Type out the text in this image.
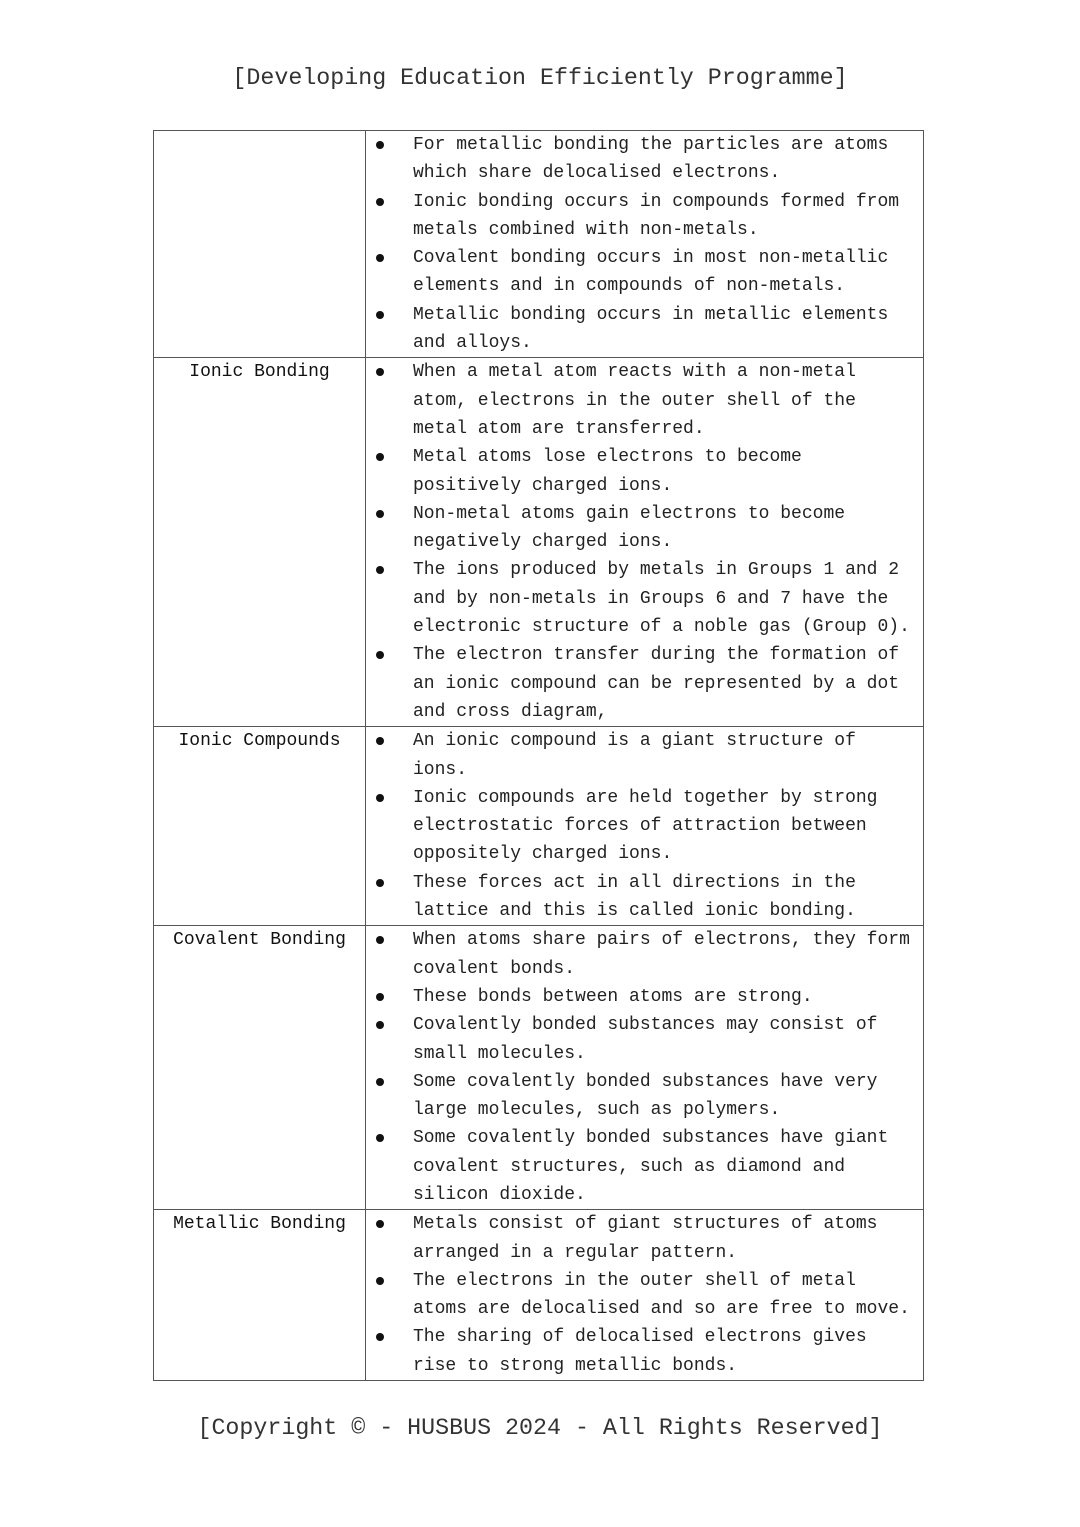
[Developing Education Efficiently Programme]
For metallic bonding the particles are atoms which share delocalised electrons.
Ionic bonding occurs in compounds formed from metals combined with non-metals.
Covalent bonding occurs in most non-metallic elements and in compounds of non-metals.
Metallic bonding occurs in metallic elements and alloys.
Ionic Bonding	When a metal atom reacts with a non-metal atom, electrons in the outer shell of the metal atom are transferred.
Metal atoms lose electrons to become positively charged ions.
Non-metal atoms gain electrons to become negatively charged ions.
The ions produced by metals in Groups 1 and 2 and by non-metals in Groups 6 and 7 have the electronic structure of a noble gas (Group 0).
The electron transfer during the formation of an ionic compound can be represented by a dot and cross diagram,
Ionic Compounds	An ionic compound is a giant structure of ions.
Ionic compounds are held together by strong electrostatic forces of attraction between oppositely charged ions.
These forces act in all directions in the lattice and this is called ionic bonding.
Covalent Bonding	When atoms share pairs of electrons, they form covalent bonds.
These bonds between atoms are strong.
Covalently bonded substances may consist of small molecules.
Some covalently bonded substances have very large molecules, such as polymers.
Some covalently bonded substances have giant covalent structures, such as diamond and silicon dioxide.
Metallic Bonding	Metals consist of giant structures of atoms arranged in a regular pattern.
The electrons in the outer shell of metal atoms are delocalised and so are free to move.
The sharing of delocalised electrons gives rise to strong metallic bonds.
[Copyright © - HUSBUS 2024 - All Rights Reserved]
